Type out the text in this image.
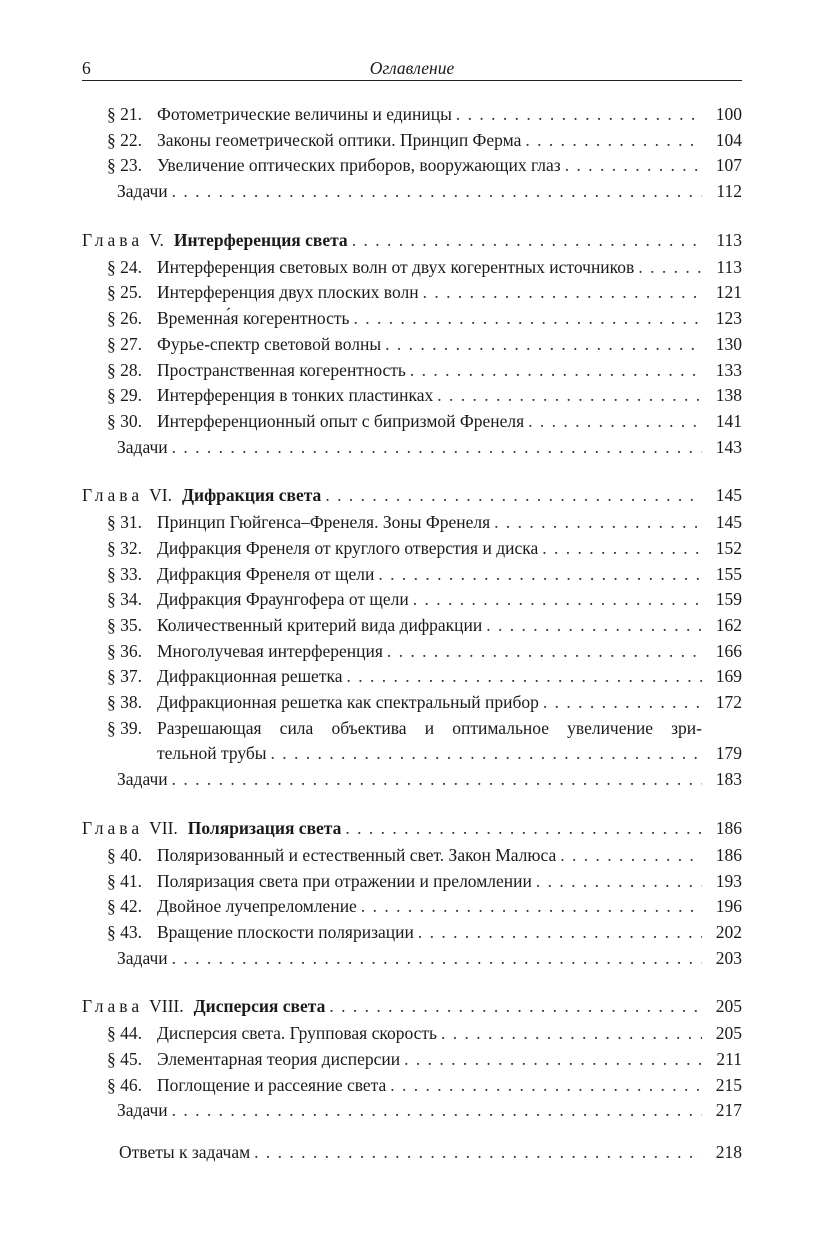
6	Оглавление
§ 21. Фотометрические величины и единицы . . .	100
§ 22. Законы геометрической оптики. Принцип Ферма . . .	104
§ 23. Увеличение оптических приборов, вооружающих глаз . . .	107
Задачи . . .	112
Глава V. Интерференция света . . .	113
§ 24. Интерференция световых волн от двух когерентных источников . . .	113
§ 25. Интерференция двух плоских волн . . .	121
§ 26. Временна́я когерентность . . .	123
§ 27. Фурье-спектр световой волны . . .	130
§ 28. Пространственная когерентность . . .	133
§ 29. Интерференция в тонких пластинках . . .	138
§ 30. Интерференционный опыт с бипризмой Френеля . . .	141
Задачи . . .	143
Глава VI. Дифракция света . . .	145
§ 31. Принцип Гюйгенса–Френеля. Зоны Френеля . . .	145
§ 32. Дифракция Френеля от круглого отверстия и диска . . .	152
§ 33. Дифракция Френеля от щели . . .	155
§ 34. Дифракция Фраунгофера от щели . . .	159
§ 35. Количественный критерий вида дифракции . . .	162
§ 36. Многолучевая интерференция . . .	166
§ 37. Дифракционная решетка . . .	169
§ 38. Дифракционная решетка как спектральный прибор . . .	172
§ 39. Разрешающая сила объектива и оптимальное увеличение зри-
тельной трубы . . .	179
Задачи . . .	183
Глава VII. Поляризация света . . .	186
§ 40. Поляризованный и естественный свет. Закон Малюса . . .	186
§ 41. Поляризация света при отражении и преломлении . . .	193
§ 42. Двойное лучепреломление . . .	196
§ 43. Вращение плоскости поляризации . . .	202
Задачи . . .	203
Глава VIII. Дисперсия света . . .	205
§ 44. Дисперсия света. Групповая скорость . . .	205
§ 45. Элементарная теория дисперсии . . .	211
§ 46. Поглощение и рассеяние света . . .	215
Задачи . . .	217
Ответы к задачам . . .	218
